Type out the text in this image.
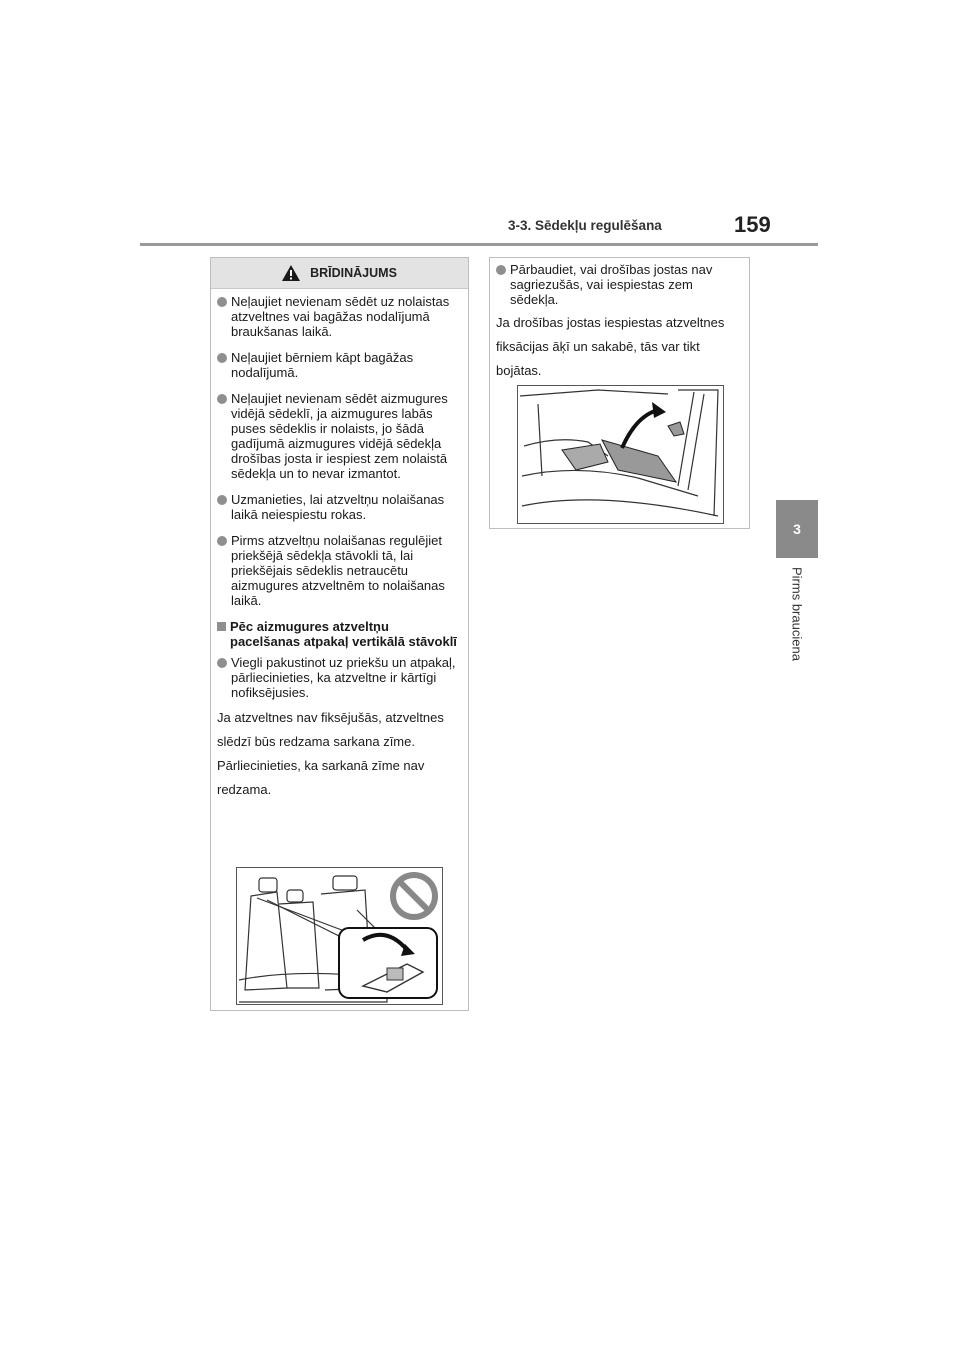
3-3. Sēdekļu regulēšana	159
3
Pirms brauciena
BRĪDINĀJUMS
Neļaujiet nevienam sēdēt uz nolaistas atzveltnes vai bagāžas nodalījumā braukšanas laikā.
Neļaujiet bērniem kāpt bagāžas nodalījumā.
Neļaujiet nevienam sēdēt aizmugures vidējā sēdeklī, ja aizmugures labās puses sēdeklis ir nolaists, jo šādā gadījumā aizmugures vidējā sēdekļa drošības josta ir iespiest zem nolaistā sēdekļa un to nevar izmantot.
Uzmanieties, lai atzveltņu nolaišanas laikā neiespiestu rokas.
Pirms atzveltņu nolaišanas regulējiet priekšējā sēdekļa stāvokli tā, lai priekšējais sēdeklis netraucētu aizmugures atzveltnēm to nolaišanas laikā.
Pēc aizmugures atzveltņu pacelšanas atpakaļ vertikālā stāvoklī
Viegli pakustinot uz priekšu un atpakaļ, pārliecinieties, ka atzveltne ir kārtīgi nofiksējusies.

Ja atzveltnes nav fiksējušās, atzveltnes slēdzī būs redzama sarkana zīme. Pārliecinieties, ka sarkanā zīme nav redzama.

Pārbaudiet, vai drošības jostas nav sagriezušās, vai iespiestas zem sēdekļa.

Ja drošības jostas iespiestas atzveltnes fiksācijas āķī un sakabē, tās var tikt bojātas.
